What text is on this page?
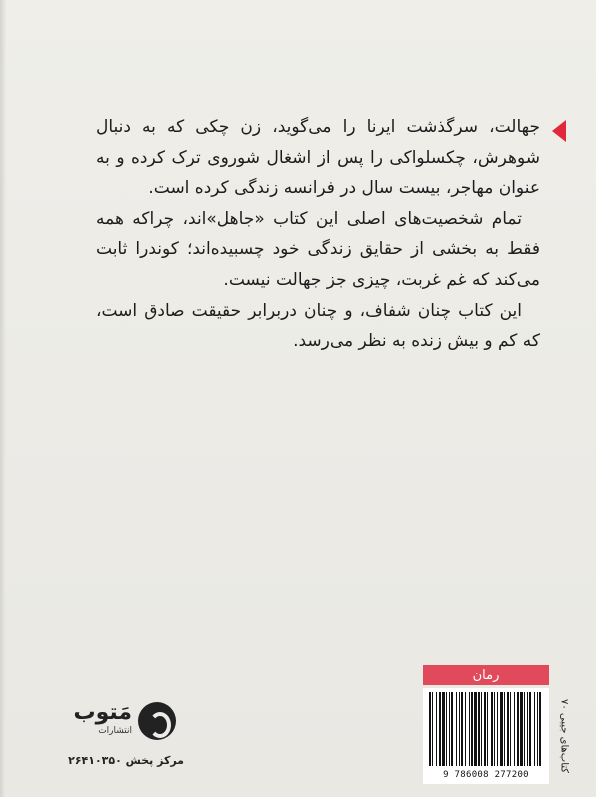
جهالت، سرگذشت ایرنا را می‌گوید، زن چکی که به دنبال شوهرش، چکسلواکی را پس از اشغال شوروی ترک کرده و به عنوان مهاجر، بیست سال در فرانسه زندگی کرده است.

تمام شخصیت‌های اصلی این کتاب «جاهل»اند، چراکه همه فقط به بخشی از حقایق زندگی خود چسبیده‌اند؛ کوندرا ثابت می‌کند که غم غربت، چیزی جز جهالت نیست.

این کتاب چنان شفاف، و چنان دربرابر حقیقت صادق است، که کم و بیش زنده به نظر می‌رسد.

رمان
9 786008 277200
کتاب‌های جیبی ۷۰
مَتوب
انتشارات
مرکز پخش ۲۶۴۱۰۳۵۰
